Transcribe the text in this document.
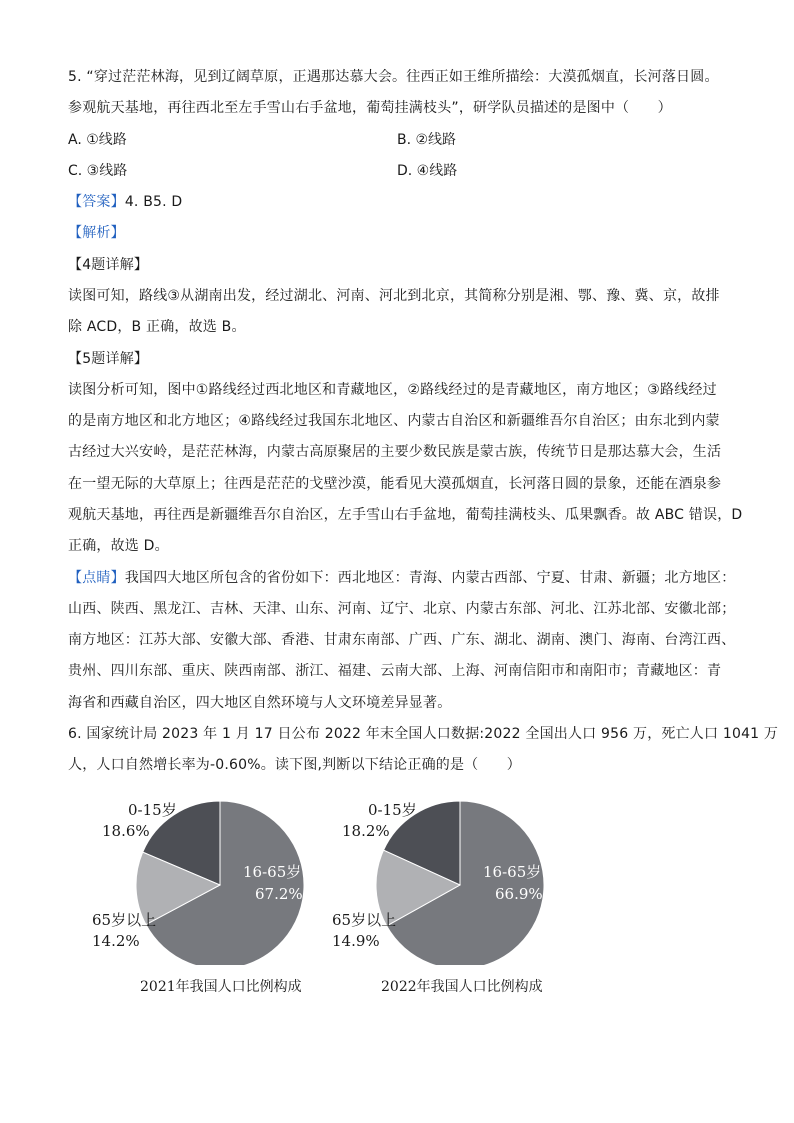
5. “穿过茫茫林海，见到辽阔草原，正遇那达慕大会。往西正如王维所描绘：大漠孤烟直，长河落日圆。
参观航天基地，再往西北至左手雪山右手盆地，葡萄挂满枝头”，研学队员描述的是图中（　　）
A. ①线路	B. ②线路
C. ③线路	D. ④线路
【答案】4. B5. D
【解析】
【4题详解】
读图可知，路线③从湖南出发，经过湖北、河南、河北到北京，其简称分别是湘、鄂、豫、冀、京，故排
除 ACD，B 正确，故选 B。
【5题详解】
读图分析可知，图中①路线经过西北地区和青藏地区，②路线经过的是青藏地区，南方地区；③路线经过
的是南方地区和北方地区；④路线经过我国东北地区、内蒙古自治区和新疆维吾尔自治区；由东北到内蒙
古经过大兴安岭，是茫茫林海，内蒙古高原聚居的主要少数民族是蒙古族，传统节日是那达慕大会，生活
在一望无际的大草原上；往西是茫茫的戈壁沙漠，能看见大漠孤烟直，长河落日圆的景象，还能在酒泉参
观航天基地，再往西是新疆维吾尔自治区，左手雪山右手盆地，葡萄挂满枝头、瓜果飘香。故 ABC 错误，D
正确，故选 D。
【点睛】我国四大地区所包含的省份如下：西北地区：青海、内蒙古西部、宁夏、甘肃、新疆；北方地区：
山西、陕西、黑龙江、吉林、天津、山东、河南、辽宁、北京、内蒙古东部、河北、江苏北部、安徽北部；
南方地区：江苏大部、安徽大部、香港、甘肃东南部、广西、广东、湖北、湖南、澳门、海南、台湾江西、
贵州、四川东部、重庆、陕西南部、浙江、福建、云南大部、上海、河南信阳市和南阳市；青藏地区：青
海省和西藏自治区，四大地区自然环境与人文环境差异显著。
6. 国家统计局 2023 年 1 月 17 日公布 2022 年末全国人口数据:2022 全国出人口 956 万，死亡人口 1041 万
人，人口自然增长率为-0.60%。读下图,判断以下结论正确的是（　　）
0-15岁
18.6%
16-65岁
67.2%
65岁以上
14.2%
2021年我国人口比例构成
0-15岁
18.2%
16-65岁
66.9%
65岁以上
14.9%
2022年我国人口比例构成
